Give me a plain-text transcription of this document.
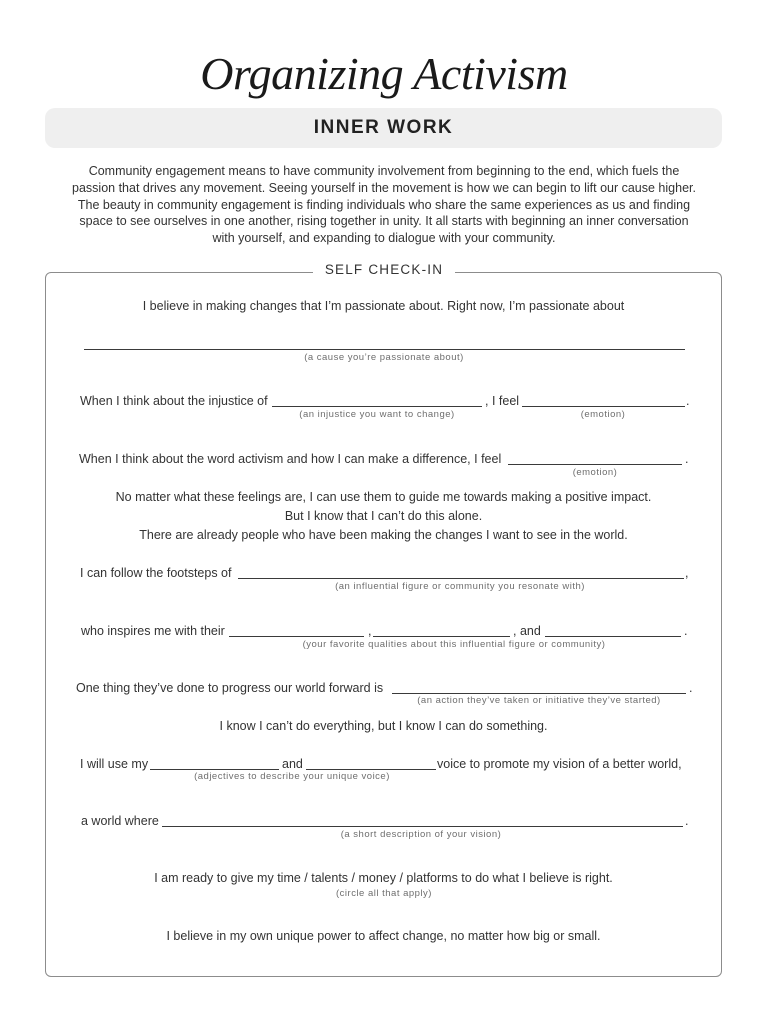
Organizing Activism
INNER WORK
Community engagement means to have community involvement from beginning to the end, which fuels the
passion that drives any movement. Seeing yourself in the movement is how we can begin to lift our cause higher.
The beauty in community engagement is finding individuals who share the same experiences as us and finding
space to see ourselves in one another, rising together in unity. It all starts with beginning an inner conversation
with yourself, and expanding to dialogue with your community.
SELF CHECK-IN
I believe in making changes that I’m passionate about. Right now, I’m passionate about
(a cause you’re passionate about)
When I think about the injustice of	, I feel	.
(an injustice you want to change)	(emotion)
When I think about the word activism and how I can make a difference, I feel	.
(emotion)
No matter what these feelings are, I can use them to guide me towards making a positive impact.
But I know that I can’t do this alone.
There are already people who have been making the changes I want to see in the world.
I can follow the footsteps of	,
(an influential figure or community you resonate with)
who inspires me with their	,	, and	.
(your favorite qualities about this influential figure or community)
One thing they’ve done to progress our world forward is	.
(an action they’ve taken or initiative they’ve started)
I know I can’t do everything, but I know I can do something.
I will use my	and	voice to promote my vision of a better world,
(adjectives to describe your unique voice)
a world where	.
(a short description of your vision)
I am ready to give my time / talents / money / platforms to do what I believe is right.
(circle all that apply)
I believe in my own unique power to affect change, no matter how big or small.
